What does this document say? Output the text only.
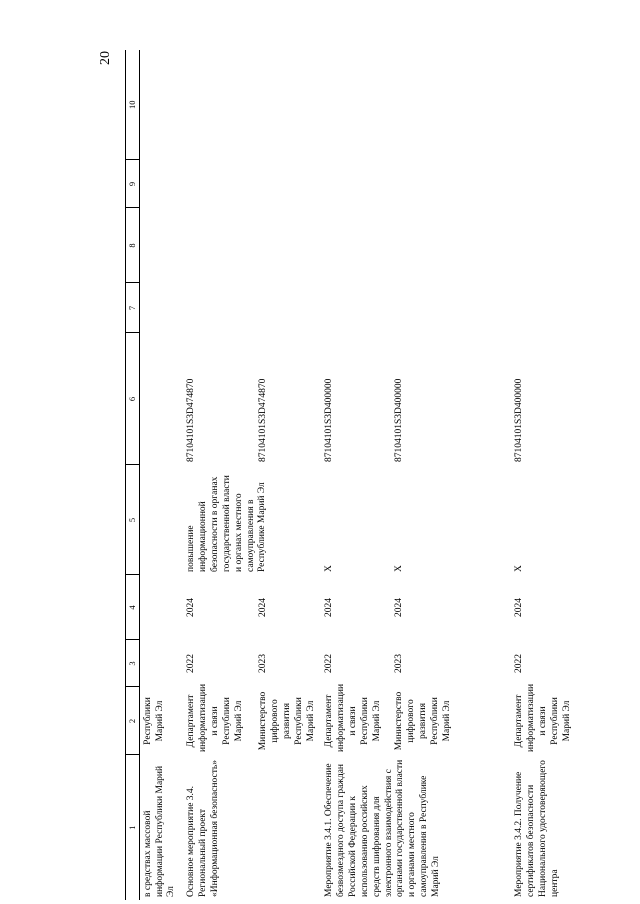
20
1	2	3	4	5	6	7	8	9	10
в средствах массовой информации Республики Марий Эл	Республики Марий Эл								
Основное мероприятие 3.4. Региональный проект «Информационная безопасность»	Департамент информатизации и связи Республики Марий Эл	2022	2024	повышение информационной безопасности в органах государственной власти и органах местного самоуправления в Республике Марий Эл	87104101S3D474870				
	Министерство цифрового развития Республики Марий Эл	2023	2024		87104101S3D474870				
Мероприятие 3.4.1. Обеспечение безвозмездного доступа граждан Российской Федерации к использованию российских средств шифрования для электронного взаимодействия с органами государственной власти и органами местного самоуправления в Республике Марий Эл	Департамент информатизации и связи Республики Марий Эл	2022	2024	X	87104101S3D400000				
	Министерство цифрового развития Республики Марий Эл	2023	2024	X	87104101S3D400000				
Мероприятие 3.4.2. Получение сертификатов безопасности Национального удостоверяющего центра	Департамент информатизации и связи Республики Марий Эл	2022	2024	X	87104101S3D400000				
